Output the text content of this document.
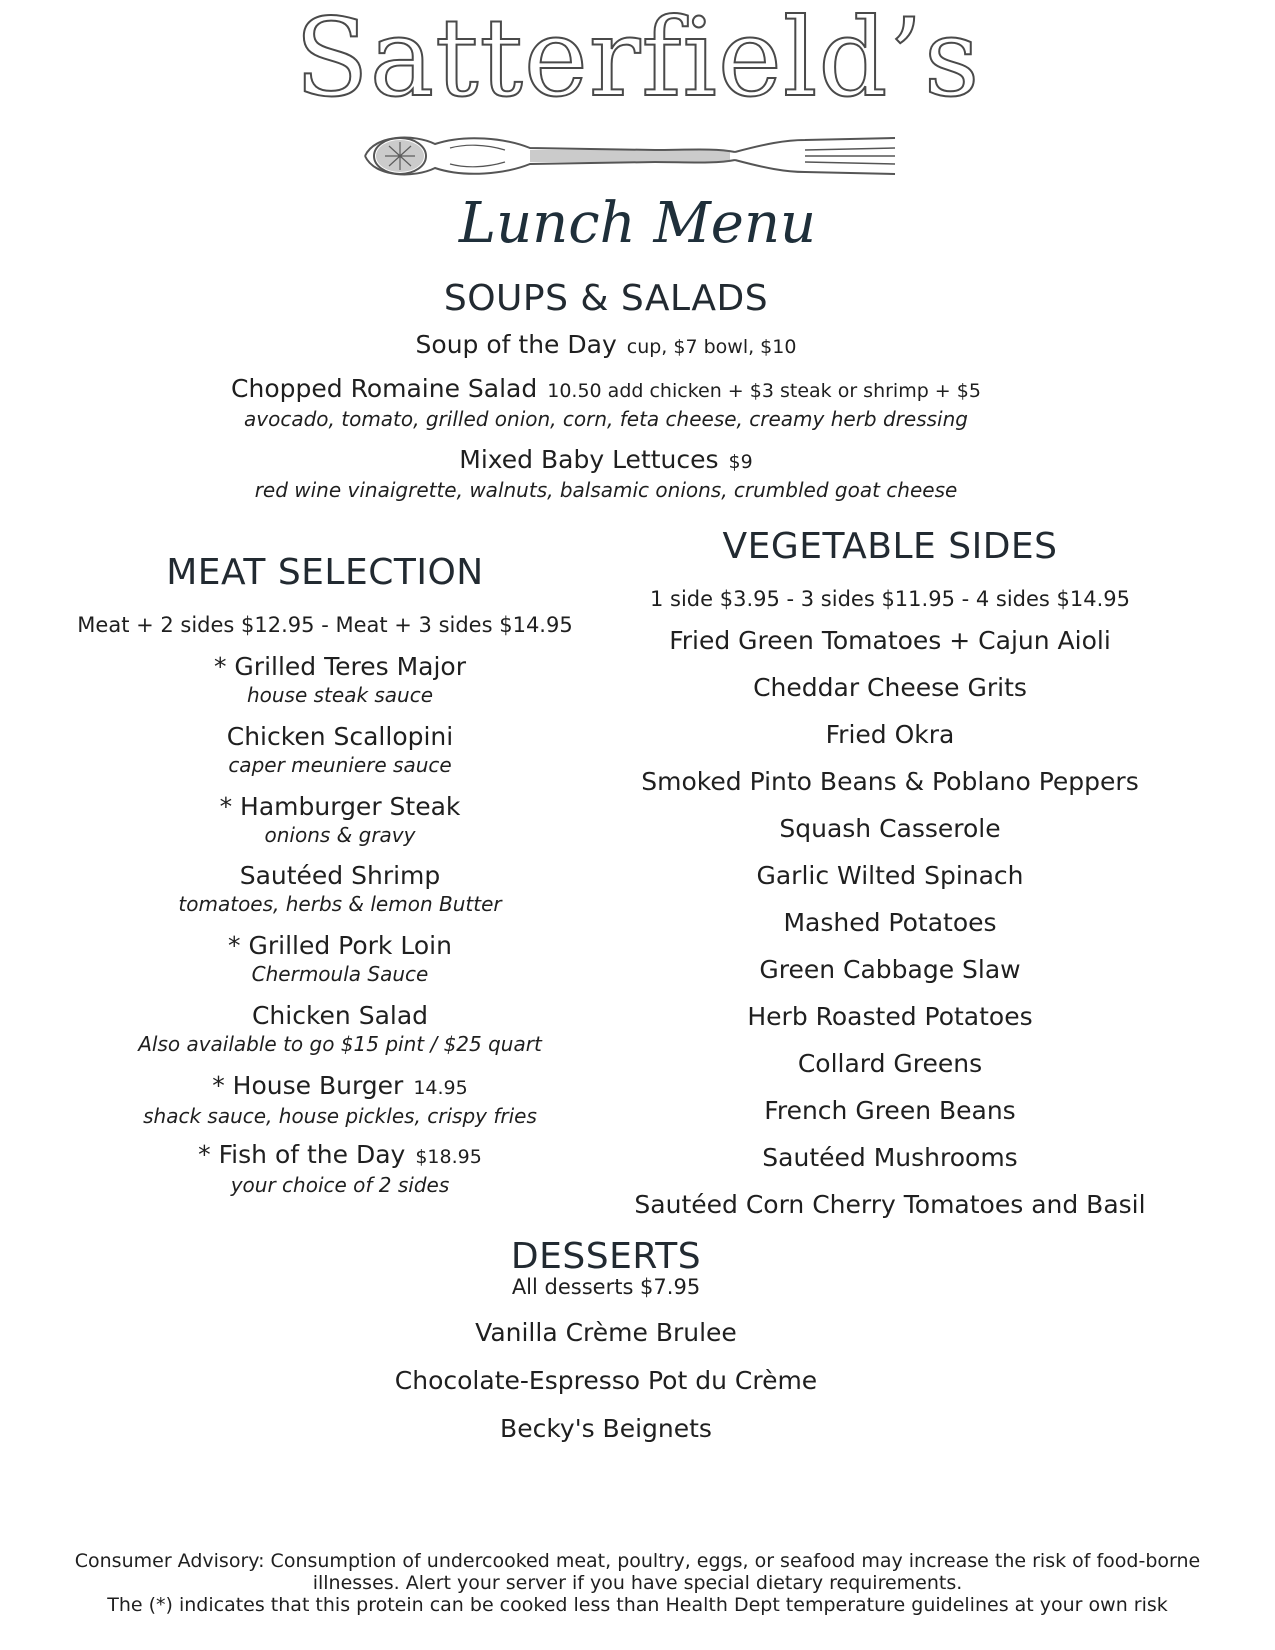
Satterfield’s
Lunch Menu
SOUPS & SALADS
Soup of the Day cup, $7 bowl, $10
Chopped Romaine Salad 10.50 add chicken + $3 steak or shrimp + $5
avocado, tomato, grilled onion, corn, feta cheese, creamy herb dressing
Mixed Baby Lettuces $9
red wine vinaigrette, walnuts, balsamic onions, crumbled goat cheese
MEAT SELECTION
Meat + 2 sides $12.95 - Meat + 3 sides $14.95
* Grilled Teres Major
house steak sauce
Chicken Scallopini
caper meuniere sauce
* Hamburger Steak
onions & gravy
Sautéed Shrimp
tomatoes, herbs & lemon Butter
* Grilled Pork Loin
Chermoula Sauce
Chicken Salad
Also available to go $15 pint / $25 quart
* House Burger 14.95
shack sauce, house pickles, crispy fries
* Fish of the Day $18.95
your choice of 2 sides
VEGETABLE SIDES
1 side $3.95 - 3 sides $11.95 - 4 sides $14.95
Fried Green Tomatoes + Cajun Aioli
Cheddar Cheese Grits
Fried Okra
Smoked Pinto Beans & Poblano Peppers
Squash Casserole
Garlic Wilted Spinach
Mashed Potatoes
Green Cabbage Slaw
Herb Roasted Potatoes
Collard Greens
French Green Beans
Sautéed Mushrooms
Sautéed Corn Cherry Tomatoes and Basil
DESSERTS
All desserts $7.95
Vanilla Crème Brulee
Chocolate-Espresso Pot du Crème
Becky's Beignets
Consumer Advisory: Consumption of undercooked meat, poultry, eggs, or seafood may increase the risk of food-borne
illnesses. Alert your server if you have special dietary requirements.
The (*) indicates that this protein can be cooked less than Health Dept temperature guidelines at your own risk
